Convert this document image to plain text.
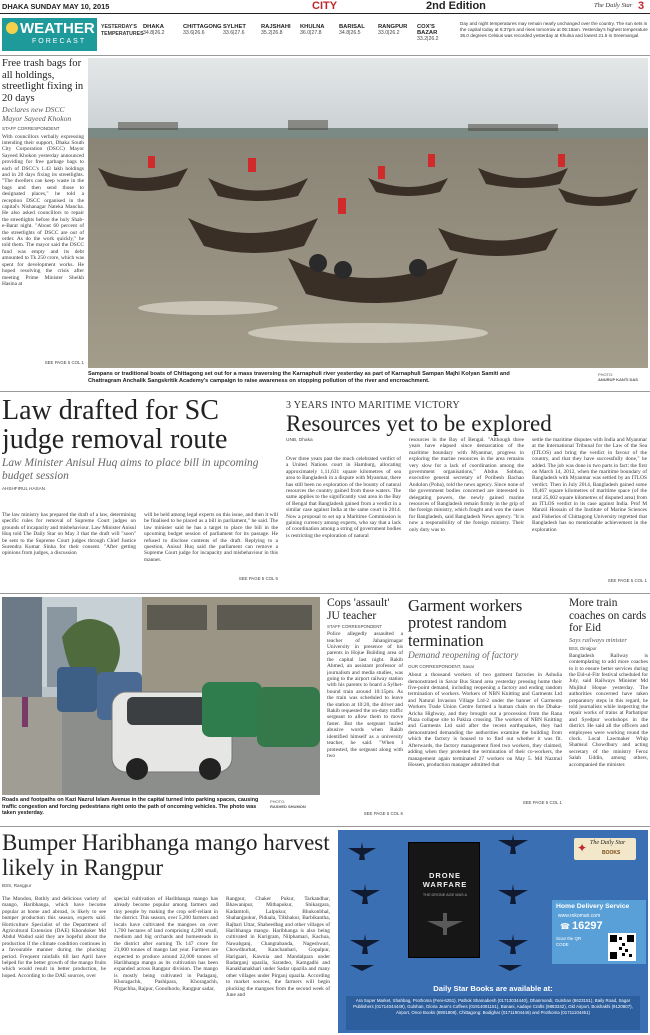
DHAKA SUNDAY MAY 10, 2015	CITY	2nd Edition	The Daily Star 3
WEATHER
FORECAST
YESTERDAY'S
TEMPERATURES
DHAKA
34.8|26.2
CHITTAGONG
33.6|26.6
SYLHET
33.6|27.6
RAJSHAHI
35.2|26.8
KHULNA
36.0|27.8
BARISAL
34.8|26.5
RANGPUR
33.0|26.2
COX'S BAZAR
33.2|26.2
Day and night temperatures may remain nearly unchanged over the country. The sun sets in the capital today at 6:37pm and rises tomorrow at 05:18am. Yesterday's highest temperature 36.0 degrees Celsius was recorded yesterday at Khulna and lowest 21.5 in Sreemangal.
Free trash bags for all holdings, streetlight fixing in 20 days
Declares new DSCC Mayor Sayeed Khokon
STAFF CORRESPONDENT
With councillors verbally expressing intending their support, Dhaka South City Corporation (DSCC) Mayor Sayeed Khokon yesterday announced providing for free garbage bags to each of DSCC's 1.43 lakh holdings and in 20 days fixing its streetlights. "The dwellers can keep waste in the bags and then send those to designated places," he told a reception DSCC organised in the capital's Nishanagar Nateka Mancha. He also asked councillors to repair the streetlights before the holy Shab-e-Barat night. "About 60 percent of the streetlights of DSCC are out of order. As do the work quickly," he told them. The mayor said the DSCC fund was empty and its debt amounted to Tk 250 crore, which was spent for development works. He hoped resolving the crisis after meeting Prime Minister Sheikh Hasina at
SEE PAGE 5 COL 1
Sampans or traditional boats of Chittagong set out for a mass traversing the Karnaphuli river yesterday as part of Karnaphuli Sampan Majhi Kolyan Samiti and Chattragram Anchalik Sangskritik Academy's campaign to raise awareness on stopping pollution of the river and encroachment.
PHOTO:
ANURUP KANTI DAS
Law drafted for SC judge removal route
Law Minister Anisul Huq aims to place bill in upcoming budget session
AHSHFIRUL HASAN
The law ministry has prepared the draft of a law, determining specific rules for removal of Supreme Court judges on grounds of incapacity and misbehaviour. Law Minister Anisul Huq told The Daily Star on May 3 that the draft will "soon" be sent to the Supreme Court judges through Chief Justice Surendra Kumar Sinha for their consent. "After getting opinions from judges, a discussion
will be held among legal experts on this issue, and then it will be finalised to be placed as a bill in parliament," he said. The law minister said he has a target to place the bill in the upcoming budget session of parliament for its passage. He refused to disclose contents of the draft. Replying to a question, Anisul Huq said the parliament can remove a Supreme Court judge for incapacity and misbehaviour in this manner.
SEE PAGE 5 COL 5
3 YEARS INTO MARITIME VICTORY
Resources yet to be explored
UNB, Dhaka
Over three years past the much celebrated verdict of a United Nations court in Hamburg, allocating approximately 1,11,631 square kilometres of sea area to Bangladesh in a dispute with Myanmar, there has still been no exploration of the bounty of natural resources the country gained from those waters. The same applies to the significantly vast area in the Bay of Bengal that Bangladesh gained from a verdict in a similar case against India at the same court in 2014. Now a proposal to set up a Maritime Commission is gaining currency among experts, who say that a lack of coordination among a string of government bodies is restricting the exploration of natural
resources in the Bay of Bengal. "Although three years have elapsed since demarcation of the maritime boundary with Myanmar, progress in exploring the marine resources in the area remains very slow for a lack of coordination among the government organisations," Abdus Sobhan, executive general secretary of Poribesh Bachao Andolon (Poba), told the news agency. Since none of the government bodies concerned are interested in delegating powers, the newly gained marine resources of Bangladesh remain firmly in the grip of the foreign ministry, which fought and won the cases for Bangladesh, said Bangladesh News agency. "It is now a responsibility of the foreign ministry. Their only duty was to
settle the maritime disputes with India and Myanmar at the International Tribunal for the Law of the Sea (ITLOS) and bring the verdict in favour of the country, and that they have successfully done," he added. The job was done in two parts in fact: the first on March 14, 2012, when the maritime boundary of Bangladesh with Myanmar was settled by an ITLOS verdict. Then in July 2014, Bangladesh gained some 19,467 square kilometres of maritime space (of the total 25,602 square kilometres of disputed area) from an ITLOS verdict in its case against India. Prof M Manzil Hossain of the Institute of Marine Sciences and Fisheries of Chittagong University regretted that Bangladesh has no mentionable achievement in the exploration
SEE PAGE 5 COL 1
Roads and footpaths on Kazi Nazrul Islam Avenue in the capital turned into parking spaces, causing traffic congestion and forcing pedestrians right onto the path of oncoming vehicles. The photo was taken yesterday.
PHOTO:
RASHED SHUMON
Cops 'assault' JU teacher
STAFF CORRESPONDENT
Police allegedly assaulted a teacher of Jahangirnagar University in presence of his parents in Hojue Building area of the capital last night. Rakib Ahmed, an assistant professor of journalism and media studies, was going to the airport railway station with his parents to board a Sylhet-bound train around 10:15pm. As the train was scheduled to leave the station at 10:20, the driver and Rakib requested the on-duty traffic sergeant to allow them to move faster. But the sergeant hurled abusive words when Rakib identified himself as a university teacher, he said. "When I protested, the sergeant along with two
SEE PAGE 5 COL 6
Garment workers protest random termination
Demand reopening of factory
OUR CORRESPONDENT, Savar
About a thousand workers of two garment factories in Ashulia demonstrated in Savar Bus Stand area yesterday pressing home their five-point demand, including reopening a factory and ending random termination of workers. Workers of NBN Knitting and Garments Ltd and Natural Invasion Village Ltd-2 under the banner of Garments Workers Trade Union Centre formed a human chain on the Dhaka-Aricha Highway, and they brought out a procession from the Rana Plaza collapse site to Pakiza crossing. The workers of NBN Knitting and Garments Ltd said after the recent earthquakes, they had demonstrated demanding the authorities examine the building from which the factory is housed to to find out whether it was fit. Afterwards, the factory management fired two workers, they claimed, adding when they protested the termination of their co-workers, the management again terminated 27 workers on May 5. Md Nazmul Hossen, production manager admitted that
SEE PAGE 5 COL 1
More train coaches on cards for Eid
Says railways minister
BSS, Dinajpur
Bangladesh Railway is contemplating to add more coaches to it to ensure better services during the Eid-ul-Fitr festival scheduled for July, said Railways Minister Md Mujibul Hoque yesterday. The authorities concerned have taken preparatory steps in this regard, he told journalists while inspecting the repair works of trains at Parbatipur and Syedpur workshops in the district. He said all the officers and employees were working round the clock. Local Lawmaker Whip Shamsul Chowdhury and acting secretary of the ministry Feroz Salah Uddin, among others, accompanied the minister.
Bumper Haribhanga mango harvest likely in Rangpur
BSS, Rangpur
The Mondon, Bothly and delicious variety of mango, Haribhanga, which have become popular at home and abroad, is likely to see bumper production this season, experts said. Horticulture Specialist of the Department of Agricultural Extension (DAE) Khondoker Md Abdul Wadud said they are hopeful about the production if the climate condition continues in a favourable manner during the plucking period. Frequent rainfalls till last April have helped for the better growth of the mango fruits which would result in better production, he hoped. According to the DAE sources, over
special cultivation of Haribhanga mango has already become popular among farmers and tiny people by making the crop self-reliant in the district. This season, over 5,200 farmers and locals have cultivated the mangoes on over 1,700 hectares of land comprising 4,200 small, medium and big orchards and homesteads in the district after earning Tk 147 crore for 21,000 tonnes of mango last year. Farmers are expected to produce around 22,000 tonnes of Haribhanga mango as its cultivation has been expanded across Rangpur division. The mango is mostly being cultivated in Padaganj, Khoragachh, Pashipara, Khoragachh, Pirgachha, Rajpur, Gonolkodo, Rangpur sadar,
Rangpur, Chaker Pukur, Tarkandhar, Bhawanipur, Mithapukur, Shikargara, Kadamtoli, Lalpukur, Bhukonbhal, Shahanjpukur, Piduala, Tilkhakur, Barbikantha, Rajbari Uttar, Shaheedbag and other villages of Haribhanga mango. Haribhanga is also being cultivated in Kurigram, Nilphamari, Kachua, Nawabganj, Changrabanda, Nageshwari, Chowdhurhat, Kanchanbari, Gopalpur, Harigaari, Kawnia and Mandalpara under Badarganj upazila, Saratdeo, Kamgadhi and Kanakhanakhari under Sadar upazila and many other villages under Pirganj upazila. According to market sources, the farmers will begin plucking the mangoes from the second week of June and
DRONE WARFARE
THE DRONE AGE WAS A
✦ The Daily Star
BOOKS
Home Delivery Service
www.rokomari.com
☎ 16297
Scan the QR CODE
Daily Star Books are available at:
Ara Super Market, Shahbag, Prothoma (Feni-6251), Pathok Shamabesh (01713034440), Dhanmondi, Gulshan (8623151), Baily Road, Sagar Publishers (01714044449), Gulshan, Gloria Jean's Coffees (01914081151), Banani, Aadaye Crafts (9883342), Old Airport, Boishakhi (9120807), Airport, Once Books (8901808), Chittagong: Bodighar (01711904446) and Prothoma (01711104451)
